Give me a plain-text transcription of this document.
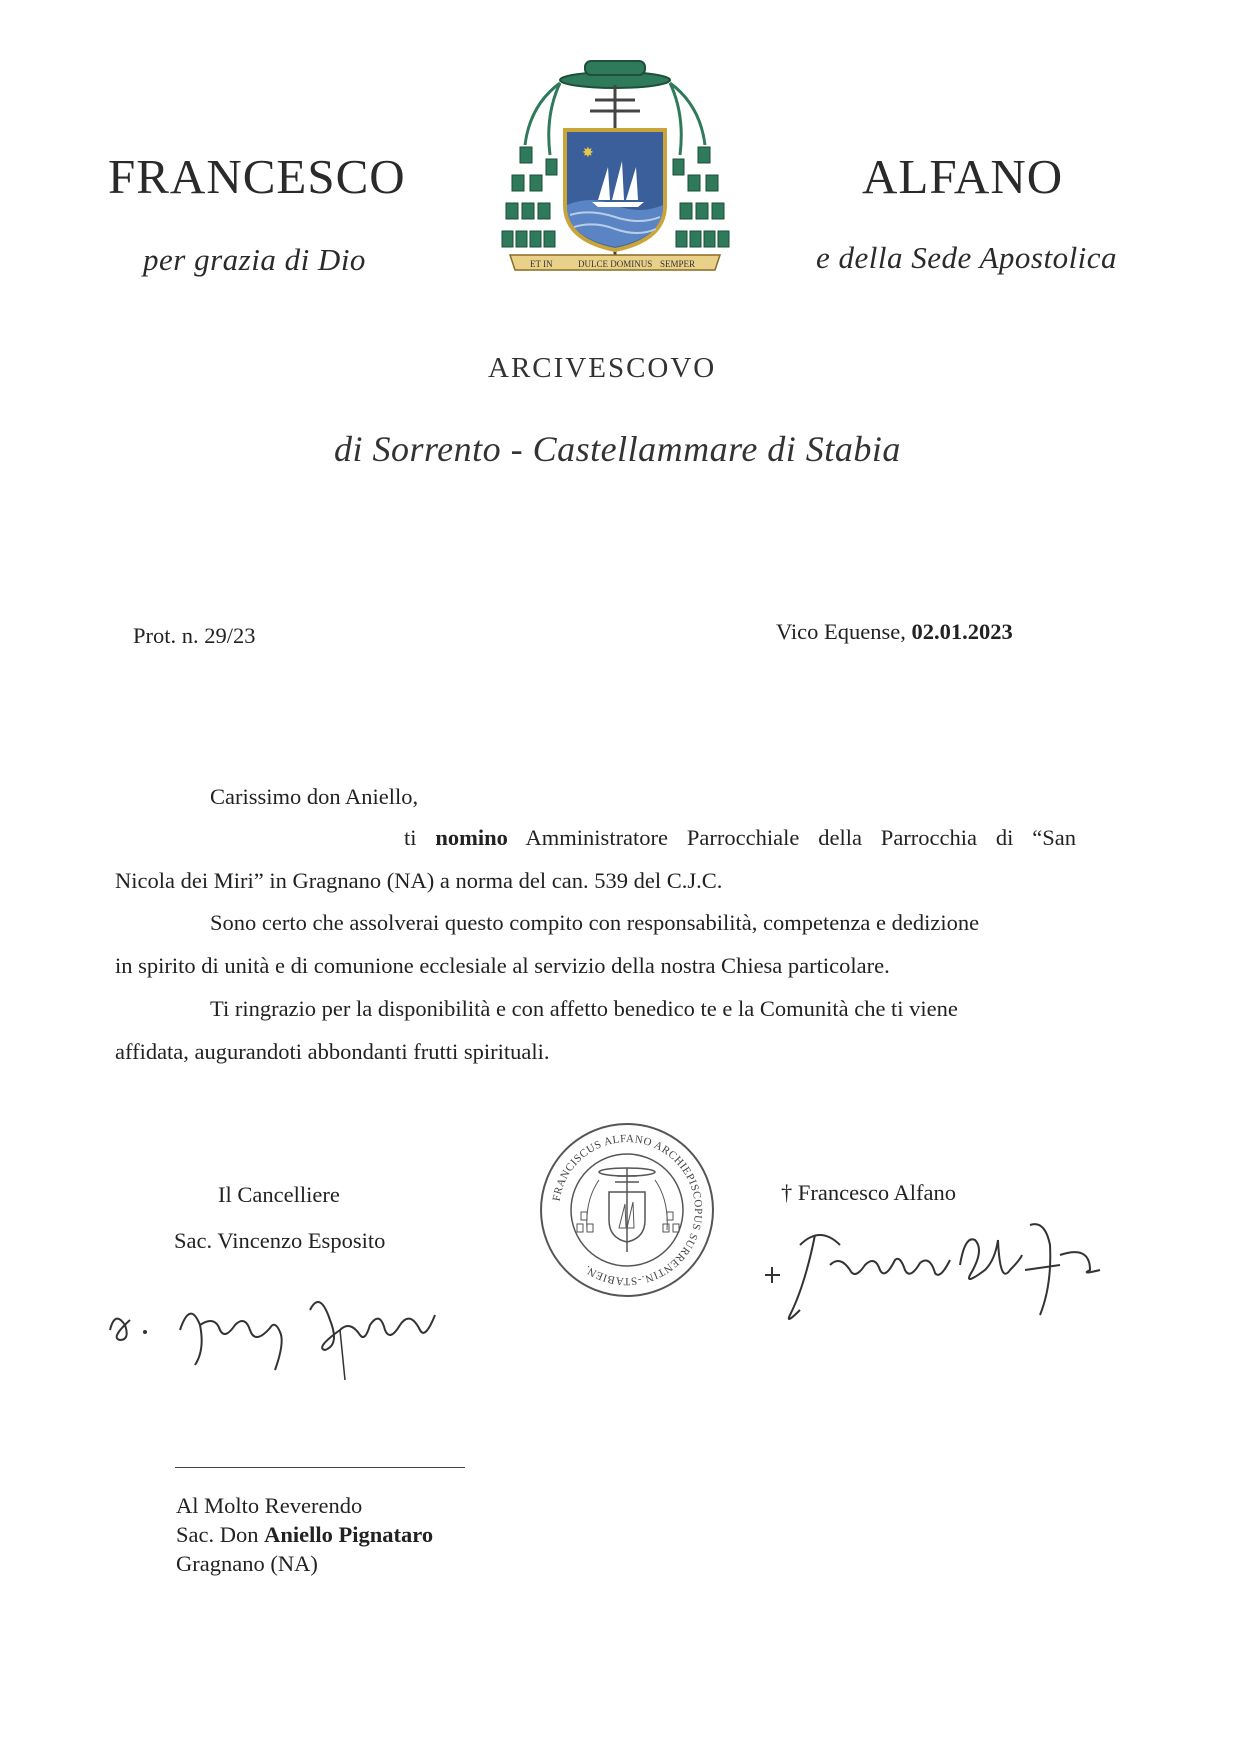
FRANCESCO	ALFANO
per grazia di Dio	e della Sede Apostolica
✸
ET IN	DULCE DOMINUS SEMPER
ARCIVESCOVO
di Sorrento - Castellammare di Stabia
Prot. n. 29/23	Vico Equense, 02.01.2023
Carissimo don Aniello,
ti nomino Amministratore Parrocchiale della Parrocchia di “San
Nicola dei Miri” in Gragnano (NA) a norma del can. 539 del C.J.C.
Sono certo che assolverai questo compito con responsabilità, competenza e dedizione
in spirito di unità e di comunione ecclesiale al servizio della nostra Chiesa particolare.
Ti ringrazio per la disponibilità e con affetto benedico te e la Comunità che ti viene
affidata, augurandoti abbondanti frutti spirituali.
Il Cancelliere
Sac. Vincenzo Esposito
FRANCISCUS ALFANO ARCHIEPISCOPUS SURRENTIN.-STABIEN.
† Francesco Alfano
Al Molto Reverendo
Sac. Don Aniello Pignataro
Gragnano (NA)
